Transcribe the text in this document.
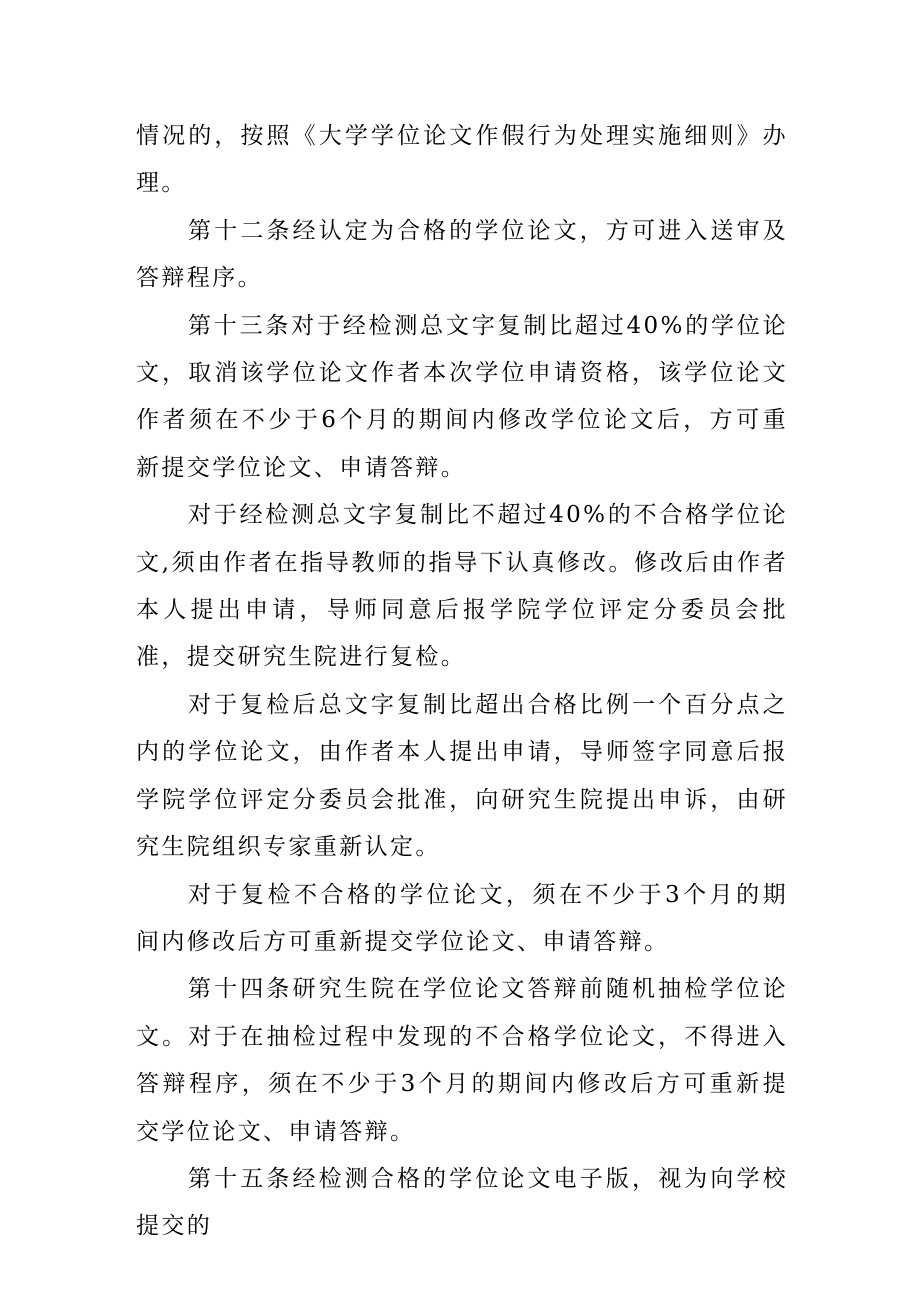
情况的，按照《大学学位论文作假行为处理实施细则》办理。

第十二条经认定为合格的学位论文，方可进入送审及答辩程序。

第十三条对于经检测总文字复制比超过40%的学位论文，取消该学位论文作者本次学位申请资格，该学位论文作者须在不少于6个月的期间内修改学位论文后，方可重新提交学位论文、申请答辩。

对于经检测总文字复制比不超过40%的不合格学位论文,须由作者在指导教师的指导下认真修改。修改后由作者本人提出申请，导师同意后报学院学位评定分委员会批准，提交研究生院进行复检。

对于复检后总文字复制比超出合格比例一个百分点之内的学位论文，由作者本人提出申请，导师签字同意后报学院学位评定分委员会批准，向研究生院提出申诉，由研究生院组织专家重新认定。

对于复检不合格的学位论文，须在不少于3个月的期间内修改后方可重新提交学位论文、申请答辩。

第十四条研究生院在学位论文答辩前随机抽检学位论文。对于在抽检过程中发现的不合格学位论文，不得进入答辩程序，须在不少于3个月的期间内修改后方可重新提交学位论文、申请答辩。

第十五条经检测合格的学位论文电子版，视为向学校提交的
